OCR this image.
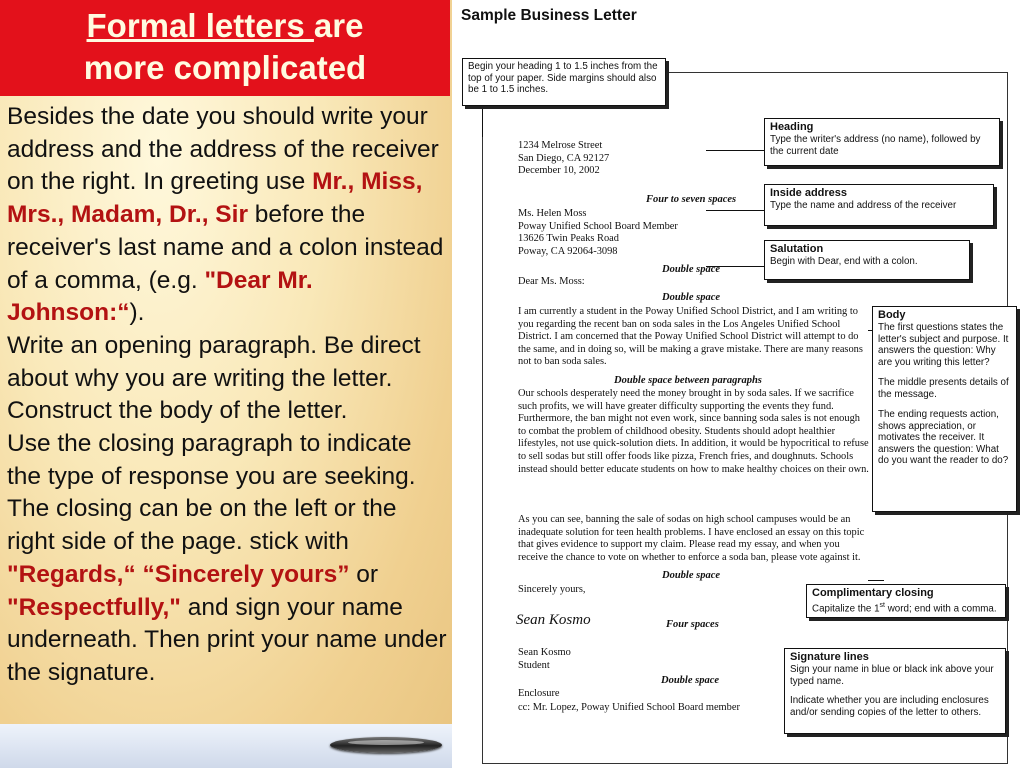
Formal letters are
more complicated
Besides the date you should write your address and the address of the receiver on the right. In greeting use Mr., Miss, Mrs., Madam, Dr., Sir before the receiver's last name and a colon instead of a comma, (e.g. "Dear Mr. Johnson:“).
Write an opening paragraph. Be direct about why you are writing the letter. Construct the body of the letter.
Use the closing paragraph to indicate the type of response you are seeking. The closing can be on the left or the right side of the page. stick with "Regards,“ “Sincerely yours” or "Respectfully," and sign your name underneath. Then print your name under the signature.
Sample Business Letter
Begin your heading 1 to 1.5 inches from the top of your paper. Side margins should also be 1 to 1.5 inches.
Heading
Type the writer's address (no name), followed by the current date
Inside address
Type the name and address of the receiver
Salutation
Begin with Dear, end with a colon.
Body
The first questions states the letter's subject and purpose. It answers the question: Why are you writing this letter?
The middle presents details of the message.
The ending requests action, shows appreciation, or motivates the receiver. It answers the question: What do you want the reader to do?
Complimentary closing
Capitalize the 1st word; end with a comma.
Signature lines
Sign your name in blue or black ink above your typed name.
Indicate whether you are including enclosures and/or sending copies of the letter to others.
1234 Melrose Street
San Diego, CA 92127
December 10, 2002
Four to seven spaces
Ms. Helen Moss
Poway Unified School Board Member
13626 Twin Peaks Road
Poway, CA 92064-3098
Double space
Dear Ms. Moss:
Double space
I am currently a student in the Poway Unified School District, and I am writing to you regarding the recent ban on soda sales in the Los Angeles Unified School District. I am concerned that the Poway Unified School District will attempt to do the same, and in doing so, will be making a grave mistake. There are many reasons not to ban soda sales.
Double space between paragraphs
Our schools desperately need the money brought in by soda sales. If we sacrifice such profits, we will have greater difficulty supporting the events they fund. Furthermore, the ban might not even work, since banning soda sales is not enough to combat the problem of childhood obesity. Students should adopt healthier lifestyles, not use quick-solution diets. In addition, it would be hypocritical to refuse to sell sodas but still offer foods like pizza, French fries, and doughnuts. Schools instead should better educate students on how to make healthy choices on their own.
As you can see, banning the sale of sodas on high school campuses would be an inadequate solution for teen health problems. I have enclosed an essay on this topic that gives evidence to support my claim. Please read my essay, and when you receive the chance to vote on whether to enforce a soda ban, please vote against it.
Double space
Sincerely yours,
Sean Kosmo	Four spaces
Sean Kosmo
Student
Double space
Enclosure
cc: Mr. Lopez, Poway Unified School Board member
